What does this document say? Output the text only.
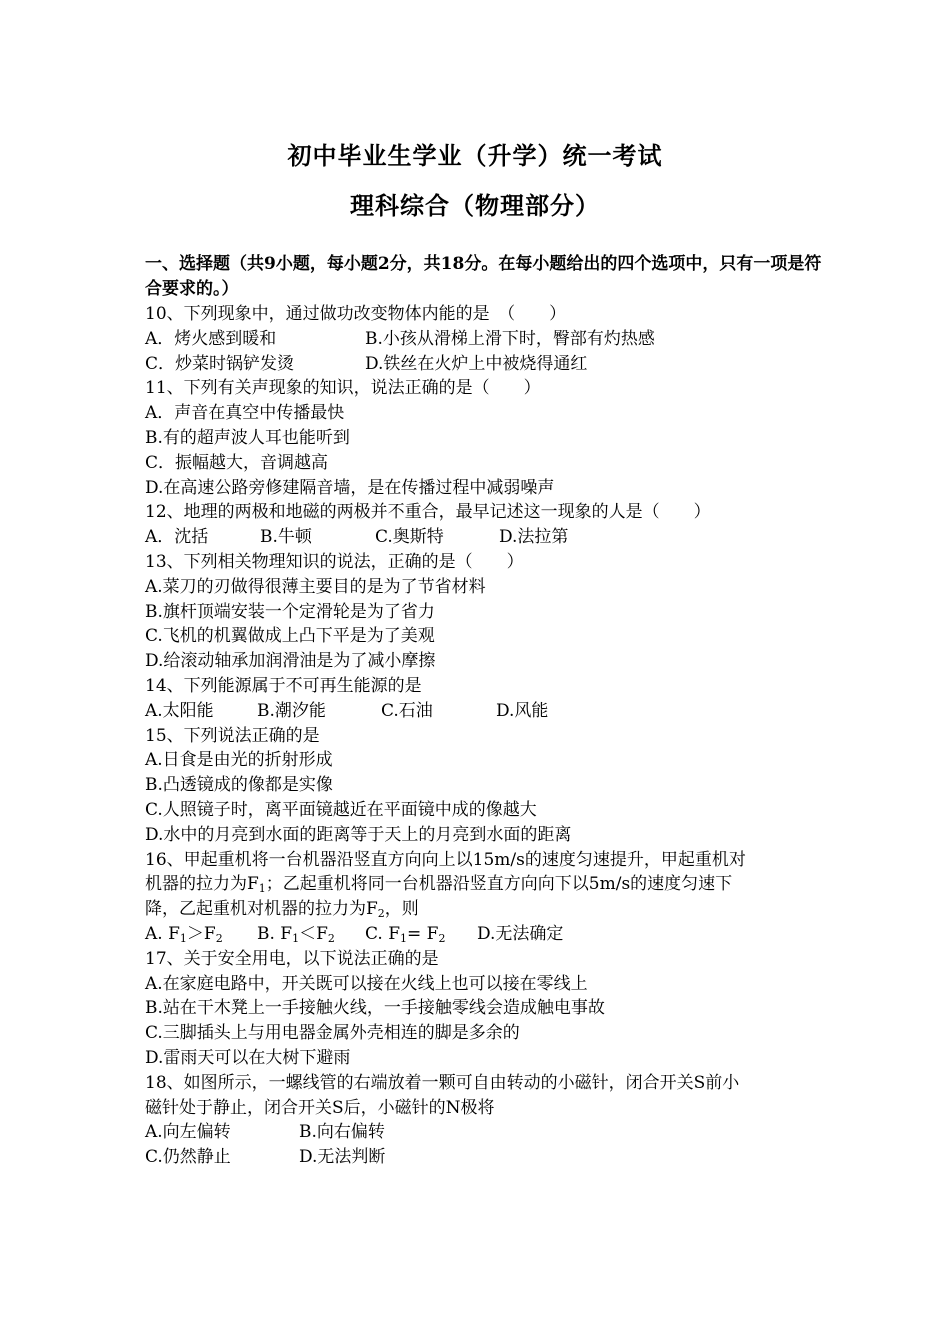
初中毕业生学业（升学）统一考试
理科综合（物理部分）
一、选择题（共9小题，每小题2分，共18分。在每小题给出的四个选项中，只有一项是符合要求的。）
10、下列现象中，通过做功改变物体内能的是　（　　）
A．烤火感到暖和	B.小孩从滑梯上滑下时，臀部有灼热感
C．炒菜时锅铲发烫	D.铁丝在火炉上中被烧得通红
11、下列有关声现象的知识，说法正确的是（　　）
A．声音在真空中传播最快
B.有的超声波人耳也能听到
C．振幅越大，音调越高
D.在高速公路旁修建隔音墙，是在传播过程中减弱噪声
12、地理的两极和地磁的两极并不重合，最早记述这一现象的人是（　　）
A．沈括	B.牛顿	C.奥斯特	D.法拉第
13、下列相关物理知识的说法，正确的是（　　）
A.菜刀的刃做得很薄主要目的是为了节省材料
B.旗杆顶端安装一个定滑轮是为了省力
C.飞机的机翼做成上凸下平是为了美观
D.给滚动轴承加润滑油是为了减小摩擦
14、下列能源属于不可再生能源的是
A.太阳能	B.潮汐能	C.石油	D.风能
15、下列说法正确的是
A.日食是由光的折射形成
B.凸透镜成的像都是实像
C.人照镜子时，离平面镜越近在平面镜中成的像越大
D.水中的月亮到水面的距离等于天上的月亮到水面的距离
16、甲起重机将一台机器沿竖直方向向上以15m/s的速度匀速提升，甲起重机对
机器的拉力为$F_1$；乙起重机将同一台机器沿竖直方向向下以5m/s的速度匀速下
降，乙起重机对机器的拉力为$F_2$，则
A. $F_1>F_2$	B. $F_1<F_2$	C. $F_1= F_2$	D.无法确定
17、关于安全用电，以下说法正确的是
A.在家庭电路中，开关既可以接在火线上也可以接在零线上
B.站在干木凳上一手接触火线，一手接触零线会造成触电事故
C.三脚插头上与用电器金属外壳相连的脚是多余的
D.雷雨天可以在大树下避雨
18、如图所示，一螺线管的右端放着一颗可自由转动的小磁针，闭合开关S前小
磁针处于静止，闭合开关S后，小磁针的N极将
A.向左偏转	B.向右偏转
C.仍然静止	D.无法判断
